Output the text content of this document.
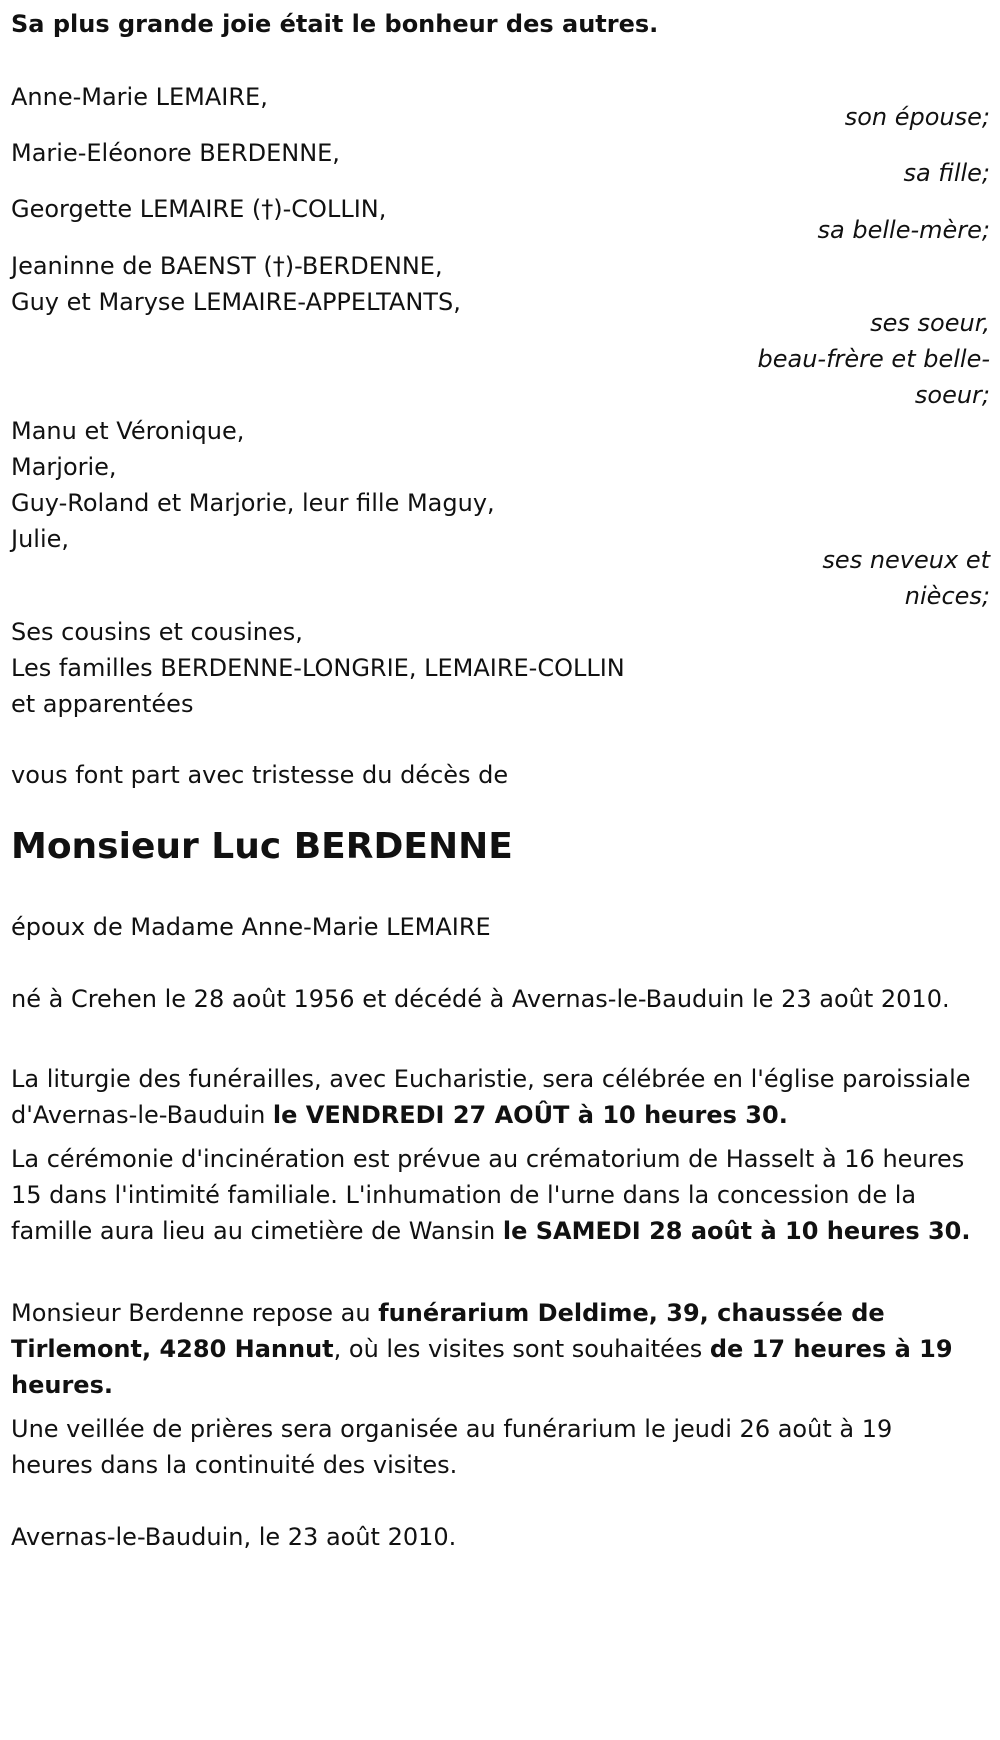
Sa plus grande joie était le bonheur des autres.
Anne-Marie LEMAIRE,
son épouse;
Marie-Eléonore BERDENNE,
sa fille;
Georgette LEMAIRE (†)-COLLIN,
sa belle-mère;
Jeaninne de BAENST (†)-BERDENNE,
Guy et Maryse LEMAIRE-APPELTANTS,
ses soeur,
beau-frère et belle-
soeur;
Manu et Véronique,
Marjorie,
Guy-Roland et Marjorie, leur fille Maguy,
Julie,
ses neveux et
nièces;
Ses cousins et cousines,
Les familles BERDENNE-LONGRIE, LEMAIRE-COLLIN
et apparentées
vous font part avec tristesse du décès de
Monsieur Luc BERDENNE
époux de Madame Anne-Marie LEMAIRE
né à Crehen le 28 août 1956 et décédé à Avernas-le-Bauduin le 23 août 2010.
La liturgie des funérailles, avec Eucharistie, sera célébrée en l'église paroissiale d'Avernas-le-Bauduin le VENDREDI 27 AOÛT à 10 heures 30.
La cérémonie d'incinération est prévue au crématorium de Hasselt à 16 heures 15 dans l'intimité familiale. L'inhumation de l'urne dans la concession de la famille aura lieu au cimetière de Wansin le SAMEDI 28 août à 10 heures 30.
Monsieur Berdenne repose au funérarium Deldime, 39, chaussée de Tirlemont, 4280 Hannut, où les visites sont souhaitées de 17 heures à 19 heures.
Une veillée de prières sera organisée au funérarium le jeudi 26 août à 19 heures dans la continuité des visites.
Avernas-le-Bauduin, le 23 août 2010.
